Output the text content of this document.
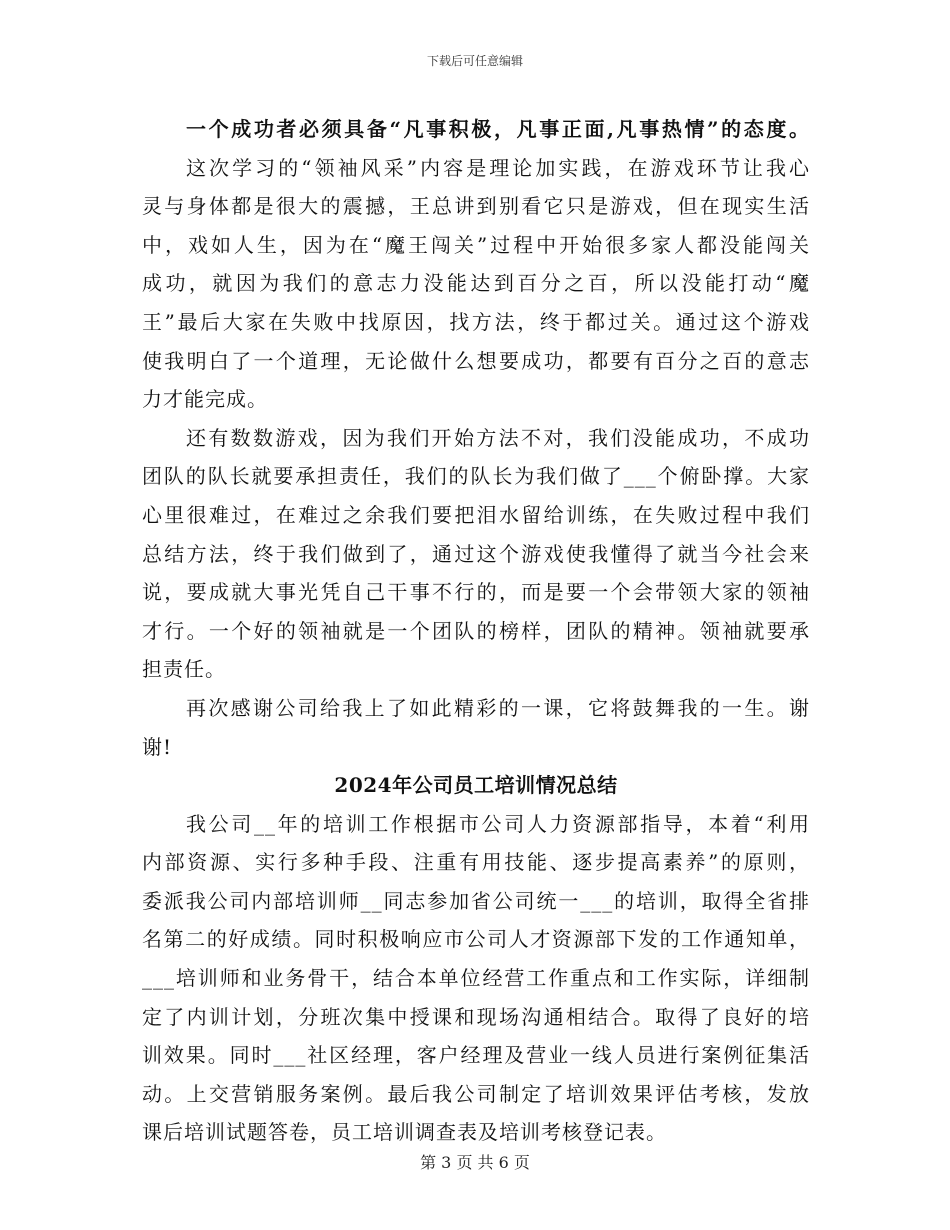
下载后可任意编辑
一个成功者必须具备“凡事积极，凡事正面,凡事热情”的态度。
这次学习的“领袖风采”内容是理论加实践，在游戏环节让我心
灵与身体都是很大的震撼，王总讲到别看它只是游戏，但在现实生活
中，戏如人生，因为在“魔王闯关”过程中开始很多家人都没能闯关
成功，就因为我们的意志力没能达到百分之百，所以没能打动“魔
王”最后大家在失败中找原因，找方法，终于都过关。通过这个游戏
使我明白了一个道理，无论做什么想要成功，都要有百分之百的意志
力才能完成。
还有数数游戏，因为我们开始方法不对，我们没能成功，不成功
团队的队长就要承担责任，我们的队长为我们做了___个俯卧撑。大家
心里很难过，在难过之余我们要把泪水留给训练，在失败过程中我们
总结方法，终于我们做到了，通过这个游戏使我懂得了就当今社会来
说，要成就大事光凭自己干事不行的，而是要一个会带领大家的领袖
才行。一个好的领袖就是一个团队的榜样，团队的精神。领袖就要承
担责任。
再次感谢公司给我上了如此精彩的一课，它将鼓舞我的一生。谢
谢!
2024年公司员工培训情况总结
我公司__年的培训工作根据市公司人力资源部指导，本着“利用
内部资源、实行多种手段、注重有用技能、逐步提高素养”的原则，
委派我公司内部培训师__同志参加省公司统一___的培训，取得全省排
名第二的好成绩。同时积极响应市公司人才资源部下发的工作通知单，
___培训师和业务骨干，结合本单位经营工作重点和工作实际，详细制
定了内训计划，分班次集中授课和现场沟通相结合。取得了良好的培
训效果。同时___社区经理，客户经理及营业一线人员进行案例征集活
动。上交营销服务案例。最后我公司制定了培训效果评估考核，发放
课后培训试题答卷，员工培训调查表及培训考核登记表。
第 3 页 共 6 页
